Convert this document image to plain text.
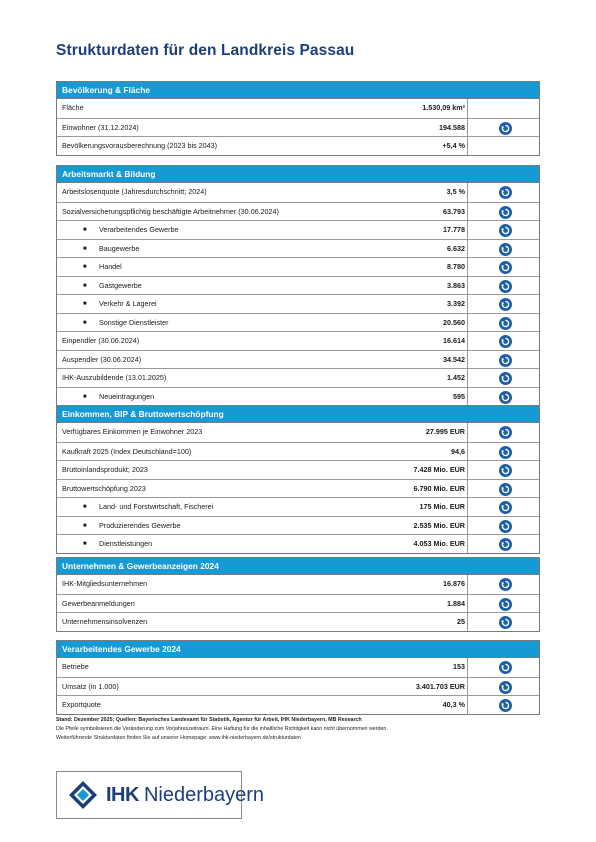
Strukturdaten für den Landkreis Passau
Bevölkerung & Fläche
Fläche	1.530,09 km²
Einwohner (31.12.2024)	194.588
Bevölkerungsvorausberechnung (2023 bis 2043)	+5,4 %
Arbeitsmarkt & Bildung
Arbeitslosenquote (Jahresdurchschnitt; 2024)	3,5 %
Sozialversicherungspflichtig beschäftigte Arbeitnehmer (30.06.2024)	63.793
■ Verarbeitendes Gewerbe	17.778
■ Baugewerbe	6.632
■ Handel	8.780
■ Gastgewerbe	3.863
■ Verkehr & Lagerei	3.392
■ Sonstige Dienstleister	20.560
Einpendler (30.06.2024)	16.614
Auspendler (30.06.2024)	34.542
IHK-Auszubildende (13.01.2025)	1.452
■ Neueintragungen	595
Einkommen, BIP & Bruttowertschöpfung
Verfügbares Einkommen je Einwohner 2023	27.995 EUR
Kaufkraft 2025 (Index Deutschland=100)	94,6
Bruttoinlandsprodukt; 2023	7.428 Mio. EUR
Bruttowertschöpfung 2023	6.790 Mio. EUR
■ Land- und Forstwirtschaft, Fischerei	175 Mio. EUR
■ Produzierendes Gewerbe	2.535 Mio. EUR
■ Dienstleistungen	4.053 Mio. EUR
Unternehmen & Gewerbeanzeigen 2024
IHK-Mitgliedsunternehmen	16.876
Gewerbeanmeldungen	1.884
Unternehmensinsolvenzen	25
Verarbeitendes Gewerbe 2024
Betriebe	153
Umsatz (in 1.000)	3.401.703 EUR
Exportquote	40,3 %
Stand: Dezember 2025; Quellen: Bayerisches Landesamt für Statistik, Agentur für Arbeit, IHK Niederbayern, MB Research
Die Pfeile symbolisieren die Veränderung zum Vorjahreszeitraum. Eine Haftung für die inhaltliche Richtigkeit kann nicht übernommen werden.
Weiterführende Strukturdaten finden Sie auf unserer Homepage: www.ihk-niederbayern.de/strukturdaten
IHK Niederbayern
